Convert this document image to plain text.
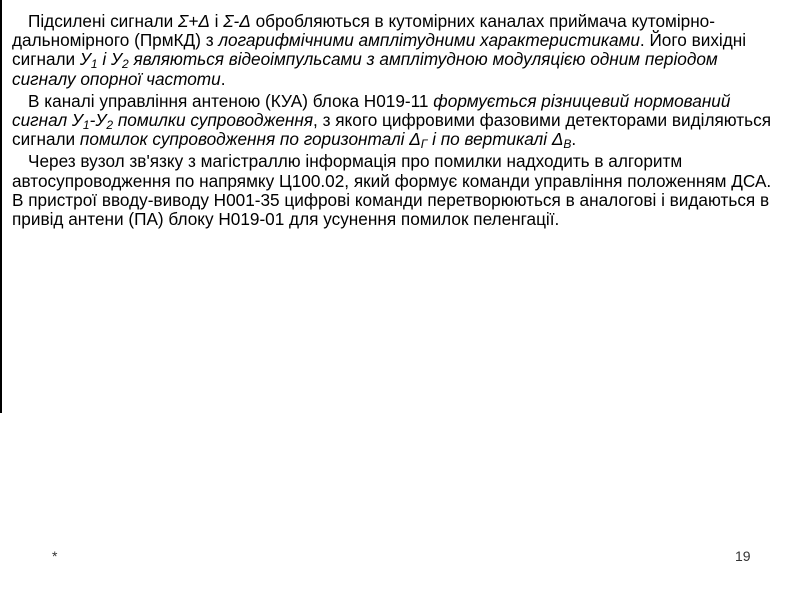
Підсилені сигнали Σ+Δ і Σ-Δ обробляються в кутомірних каналах приймача кутомірно-дальномірного (ПрмКД) з логарифмічними амплітудними характеристиками. Його вихідні сигнали $У_1$ і $У_2$ являються відеоімпульсами з амплітудною модуляцією одним періодом сигналу опорної частоти.

В каналі управління антеною (КУА) блока Н019-11 формується різницевий нормований сигнал $У_1-У_2$ помилки супроводження, з якого цифровими фазовими детекторами виділяються сигнали помилок супроводження по горизонталі $\Delta_Г$ і по вертикалі $\Delta_В$.

Через вузол зв'язку з магістраллю інформація про помилки надходить в алгоритм автосупроводження по напрямку Ц100.02, який формує команди управління положенням ДСА. В пристрої вводу-виводу Н001-35 цифрові команди перетворюються в аналогові і видаються в привід антени (ПА) блоку Н019-01 для усунення помилок пеленгації.

*	19
